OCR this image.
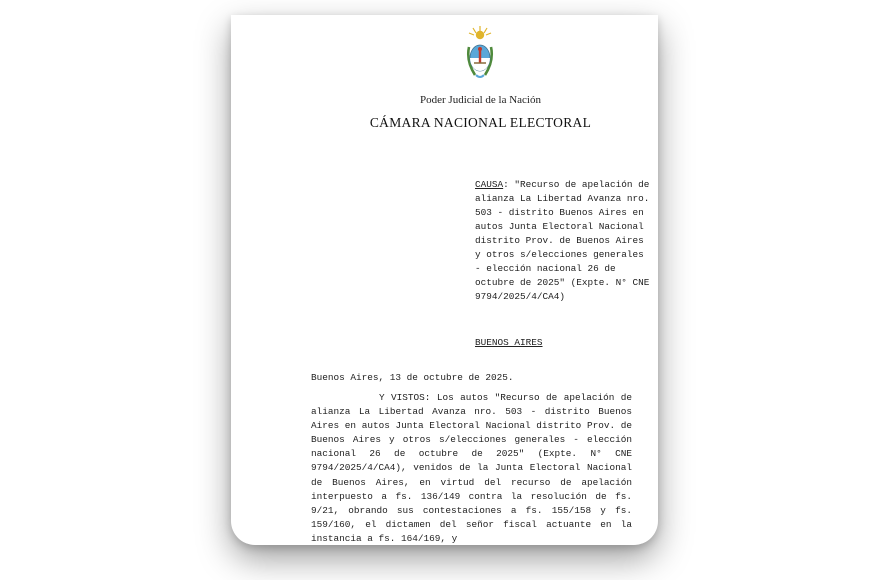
Poder Judicial de la Nación
CÁMARA NACIONAL ELECTORAL
CAUSA: "Recurso de apelación de alianza La Libertad Avanza nro. 503 - distrito Buenos Aires en autos Junta Electoral Nacional distrito Prov. de Buenos Aires y otros s/elecciones generales - elección nacional 26 de octubre de 2025" (Expte. N° CNE 9794/2025/4/CA4)
BUENOS AIRES
Buenos Aires, 13 de octubre de 2025.
Y VISTOS: Los autos "Recurso de apelación de alianza La Libertad Avanza nro. 503 - distrito Buenos Aires en autos Junta Electoral Nacional distrito Prov. de Buenos Aires y otros s/elecciones generales - elección nacional 26 de octubre de 2025" (Expte. N° CNE 9794/2025/4/CA4), venidos de la Junta Electoral Nacional de Buenos Aires, en virtud del recurso de apelación interpuesto a fs. 136/149 contra la resolución de fs. 9/21, obrando sus contestaciones a fs. 155/158 y fs. 159/160, el dictamen del señor fiscal actuante en la instancia a fs. 164/169, y
